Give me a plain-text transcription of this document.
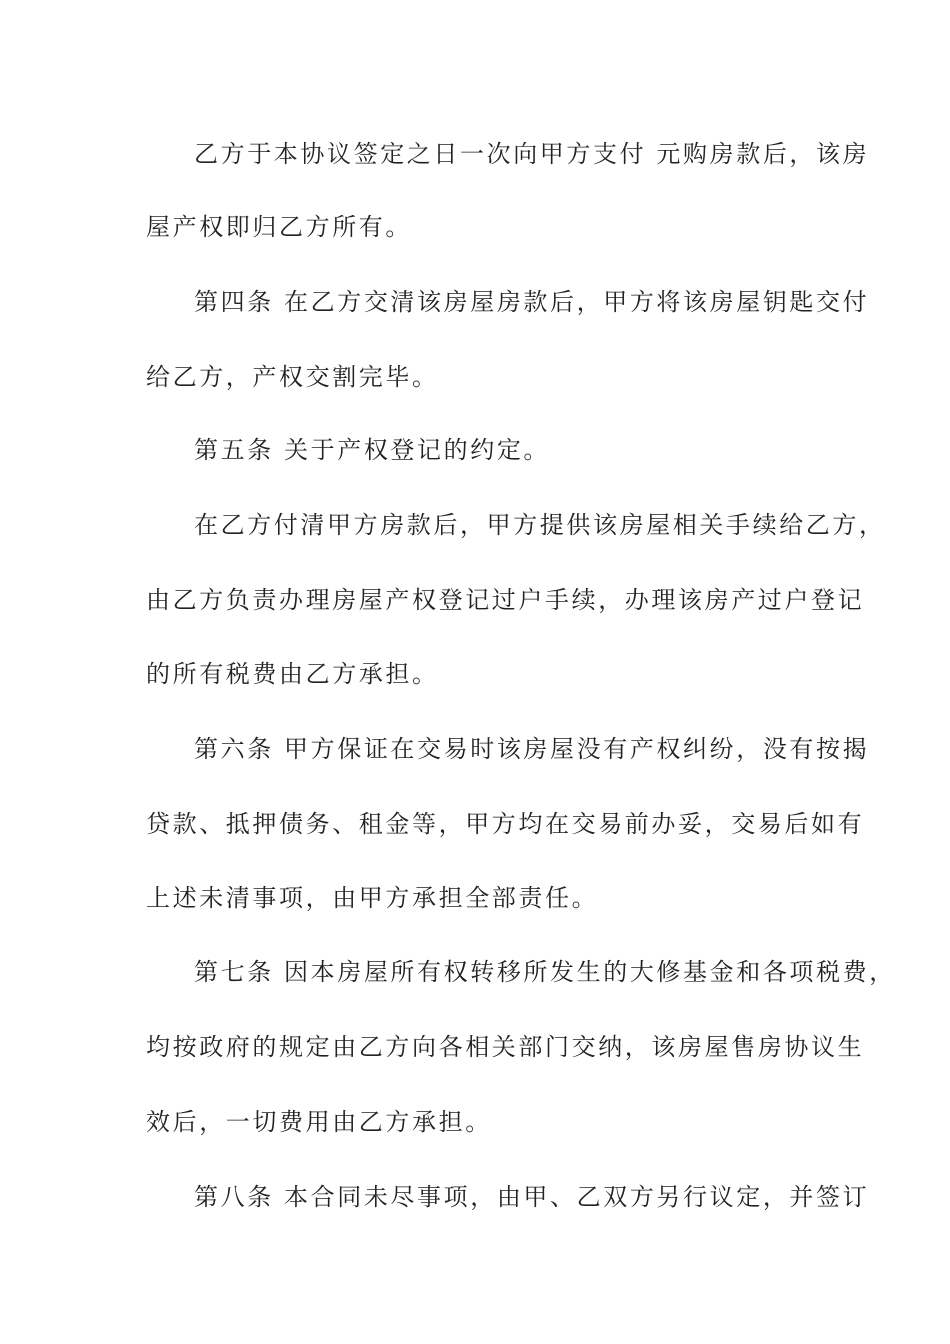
乙方于本协议签定之日一次向甲方支付 元购房款后，该房
屋产权即归乙方所有。
第四条 在乙方交清该房屋房款后，甲方将该房屋钥匙交付
给乙方，产权交割完毕。
第五条 关于产权登记的约定。
在乙方付清甲方房款后，甲方提供该房屋相关手续给乙方，
由乙方负责办理房屋产权登记过户手续，办理该房产过户登记
的所有税费由乙方承担。
第六条 甲方保证在交易时该房屋没有产权纠纷，没有按揭
贷款、抵押债务、租金等，甲方均在交易前办妥，交易后如有
上述未清事项，由甲方承担全部责任。
第七条 因本房屋所有权转移所发生的大修基金和各项税费，
均按政府的规定由乙方向各相关部门交纳，该房屋售房协议生
效后，一切费用由乙方承担。
第八条 本合同未尽事项，由甲、乙双方另行议定，并签订
